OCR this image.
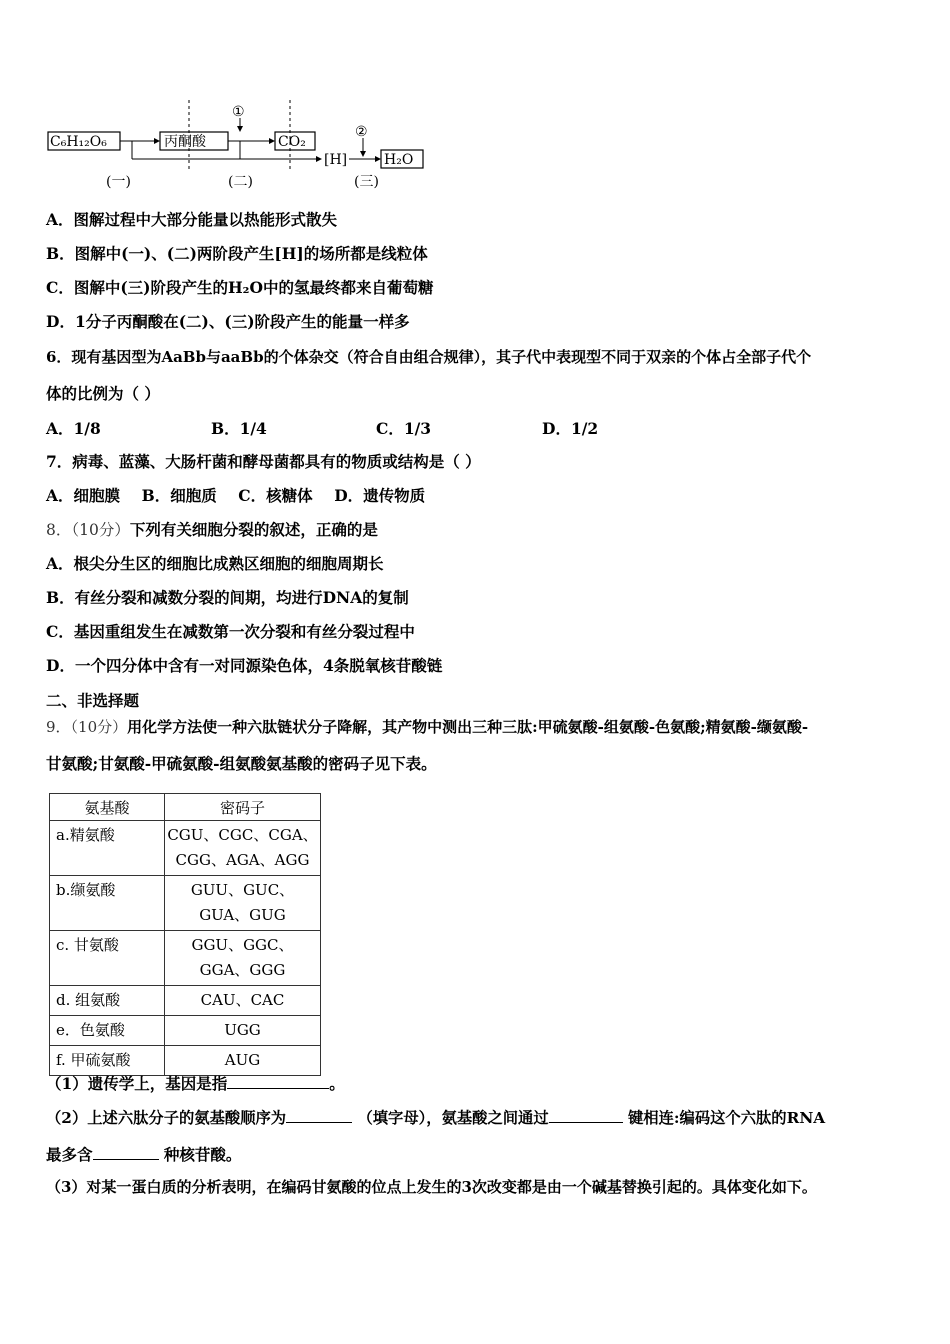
C₆H₁₂O₆	丙酮酸	CO₂
[H]	H₂O
①
②
(一)	(二)	(三)
A．图解过程中大部分能量以热能形式散失
B．图解中(一)、(二)两阶段产生[H]的场所都是线粒体
C．图解中(三)阶段产生的H₂O中的氢最终都来自葡萄糖
D．1分子丙酮酸在(二)、(三)阶段产生的能量一样多
6．现有基因型为AaBb与aaBb的个体杂交（符合自由组合规律），其子代中表现型不同于双亲的个体占全部子代个
体的比例为（ ）
A．1/8	B．1/4	C．1/3	D．1/2
7．病毒、蓝藻、大肠杆菌和酵母菌都具有的物质或结构是（ ）
A．细胞膜    B．细胞质    C．核糖体    D．遗传物质
8．（10分）下列有关细胞分裂的叙述，正确的是
A．根尖分生区的细胞比成熟区细胞的细胞周期长
B．有丝分裂和减数分裂的间期，均进行DNA的复制
C．基因重组发生在减数第一次分裂和有丝分裂过程中
D．一个四分体中含有一对同源染色体，4条脱氧核苷酸链
二、非选择题
9．（10分）用化学方法使一种六肽链状分子降解，其产物中测出三种三肽:甲硫氨酸-组氨酸-色氨酸;精氨酸-缬氨酸-
甘氨酸;甘氨酸-甲硫氨酸-组氨酸氨基酸的密码子见下表。
氨基酸	密码子
a.精氨酸	CGU、CGC、CGA、
CGG、AGA、AGG

b.缬氨酸	GUU、GUC、
GUA、GUG

c. 甘氨酸	GGU、GGC、
GGA、GGG

d. 组氨酸	CAU、CAC
e．色氨酸	UGG
f. 甲硫氨酸	AUG
（1）遗传学上，基因是指	。
（2）上述六肽分子的氨基酸顺序为	（填字母），氨基酸之间通过	键相连:编码这个六肽的RNA
最多含	种核苷酸。
（3）对某一蛋白质的分析表明，在编码甘氨酸的位点上发生的3次改变都是由一个碱基替换引起的。具体变化如下。
